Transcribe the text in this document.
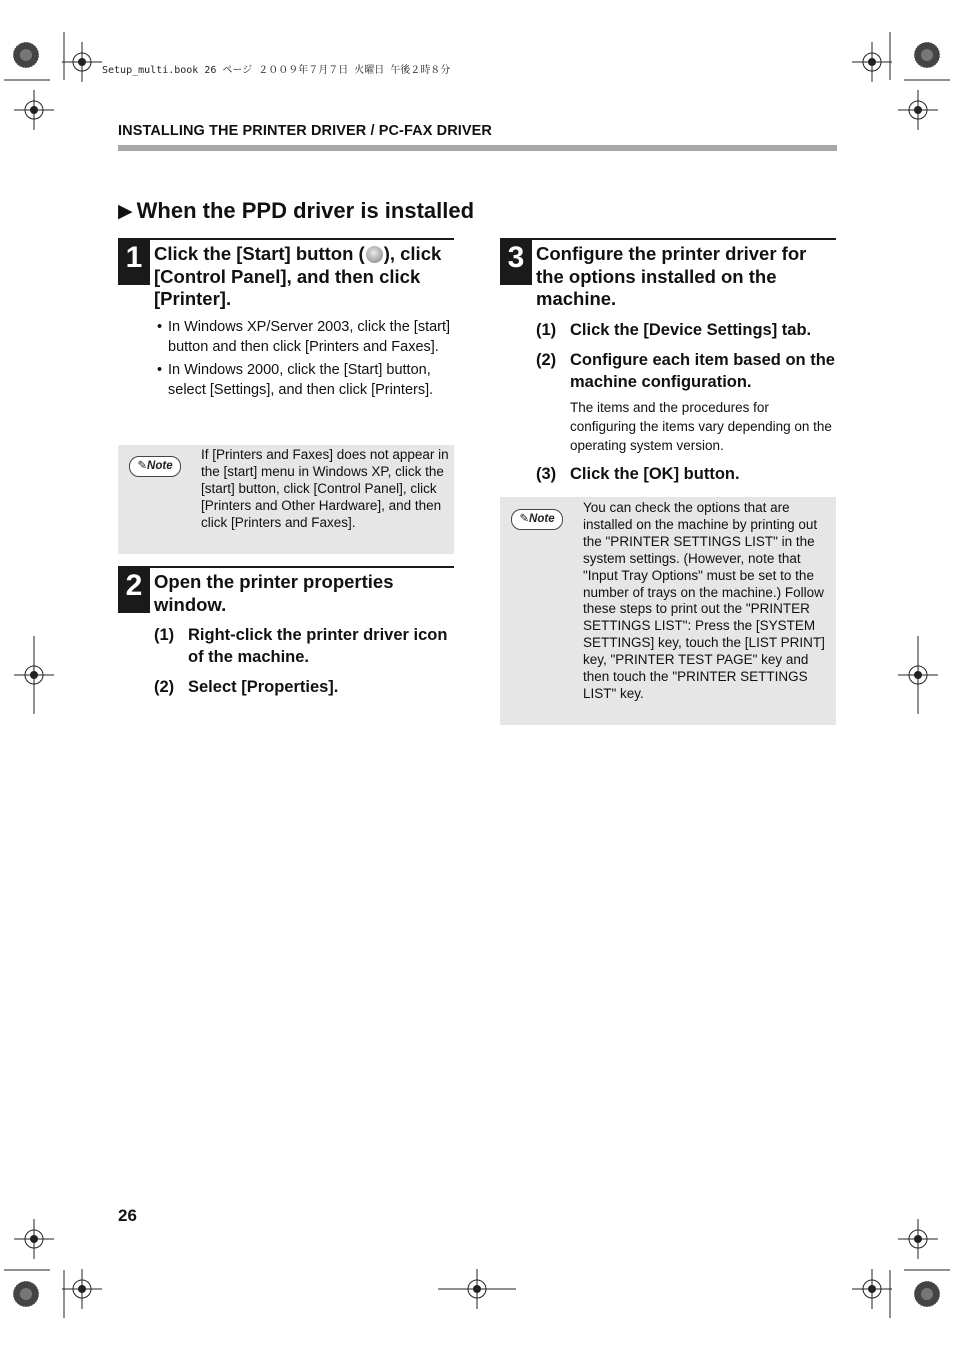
Setup_multi.book 26 ページ ２００９年７月７日 火曜日 午後２時８分
INSTALLING THE PRINTER DRIVER / PC-FAX DRIVER
▶ When the PPD driver is installed
1 Click the [Start] button ( ), click [Control Panel], and then click [Printer].
• In Windows XP/Server 2003, click the [start] button and then click [Printers and Faxes].
• In Windows 2000, click the [Start] button, select [Settings], and then click [Printers].
✎Note
If [Printers and Faxes] does not appear in the [start] menu in Windows XP, click the [start] button, click [Control Panel], click [Printers and Other Hardware], and then click [Printers and Faxes].
2 Open the printer properties window.
(1) Right-click the printer driver icon of the machine.
(2) Select [Properties].
3 Configure the printer driver for the options installed on the machine.
(1) Click the [Device Settings] tab.
(2) Configure each item based on the machine configuration.
The items and the procedures for configuring the items vary depending on the operating system version.
(3) Click the [OK] button.
✎Note
You can check the options that are installed on the machine by printing out the "PRINTER SETTINGS LIST" in the system settings. (However, note that "Input Tray Options" must be set to the number of trays on the machine.) Follow these steps to print out the "PRINTER SETTINGS LIST": Press the [SYSTEM SETTINGS] key, touch the [LIST PRINT] key, "PRINTER TEST PAGE" key and then touch the "PRINTER SETTINGS LIST" key.
26
